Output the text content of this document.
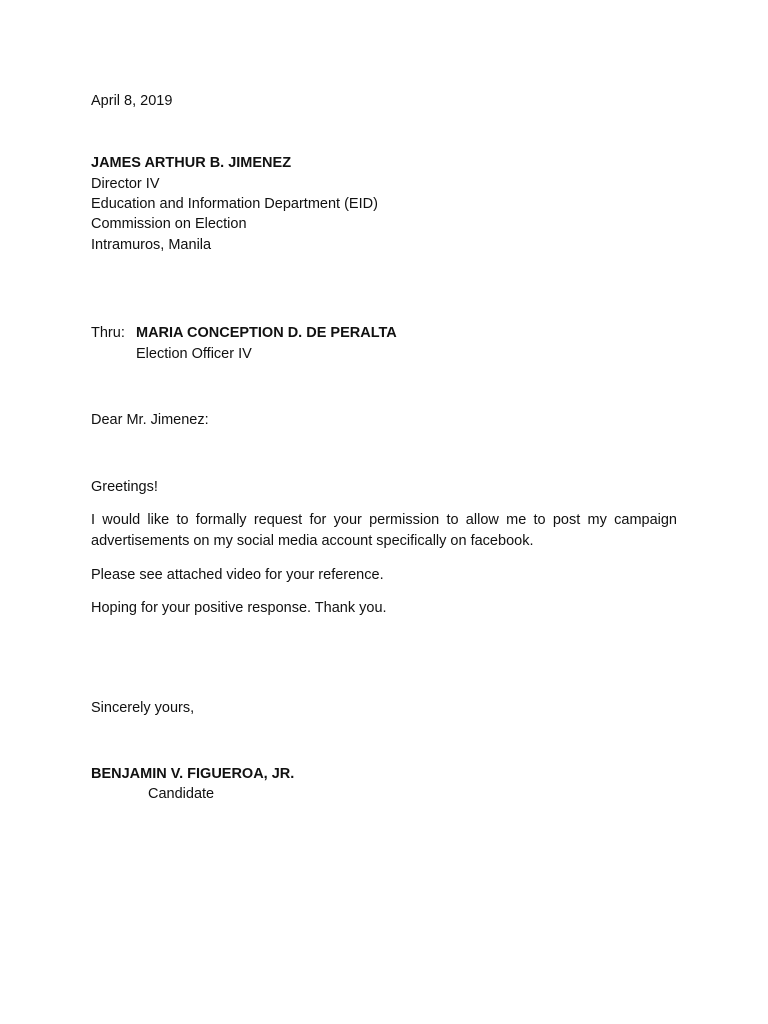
April 8, 2019
JAMES ARTHUR B. JIMENEZ
Director IV
Education and Information Department (EID)
Commission on Election
Intramuros, Manila
Thru: MARIA CONCEPTION D. DE PERALTA
Election Officer IV
Dear Mr. Jimenez:
Greetings!
I would like to formally request for your permission to allow me to post my campaign advertisements on my social media account specifically on facebook.
Please see attached video for your reference.
Hoping for your positive response. Thank you.
Sincerely yours,
BENJAMIN V. FIGUEROA, JR.
Candidate
